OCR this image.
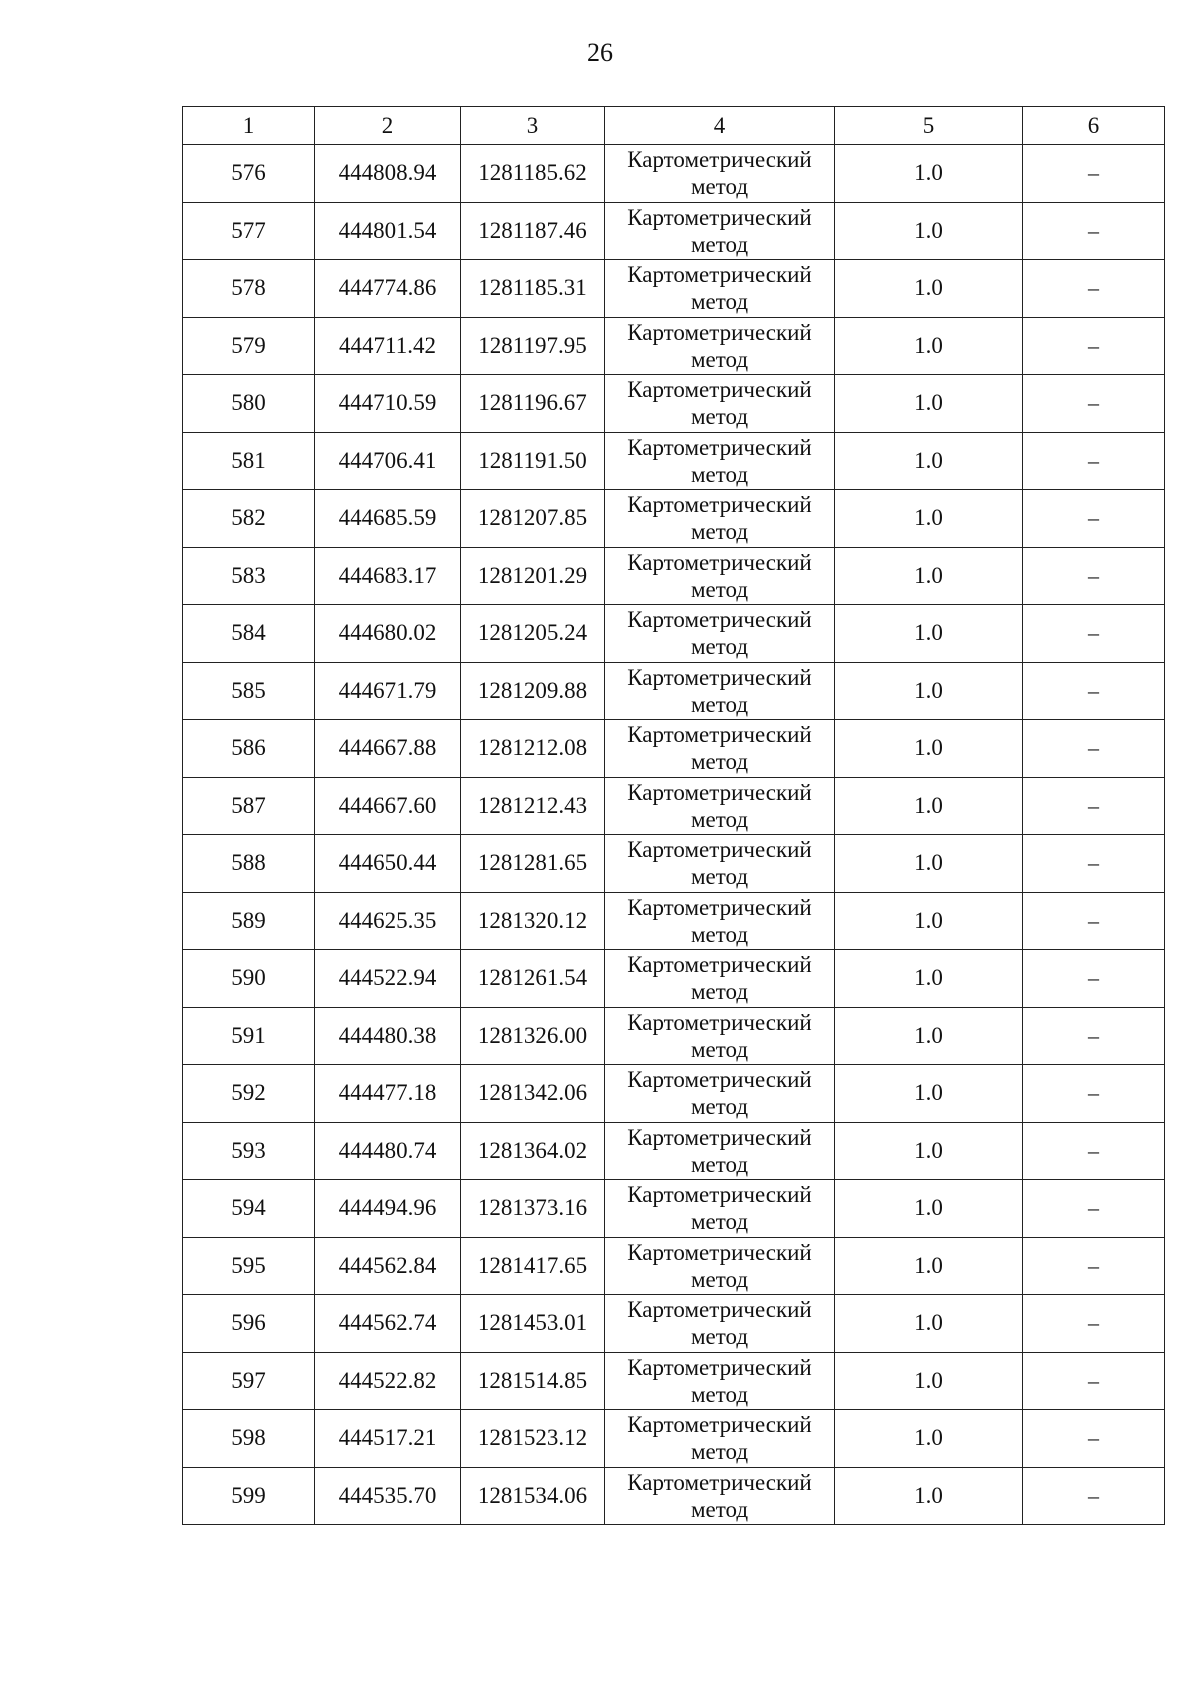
26
1	2	3	4	5	6
576	444808.94	1281185.62	Картометрический метод	1.0	–
577	444801.54	1281187.46	Картометрический метод	1.0	–
578	444774.86	1281185.31	Картометрический метод	1.0	–
579	444711.42	1281197.95	Картометрический метод	1.0	–
580	444710.59	1281196.67	Картометрический метод	1.0	–
581	444706.41	1281191.50	Картометрический метод	1.0	–
582	444685.59	1281207.85	Картометрический метод	1.0	–
583	444683.17	1281201.29	Картометрический метод	1.0	–
584	444680.02	1281205.24	Картометрический метод	1.0	–
585	444671.79	1281209.88	Картометрический метод	1.0	–
586	444667.88	1281212.08	Картометрический метод	1.0	–
587	444667.60	1281212.43	Картометрический метод	1.0	–
588	444650.44	1281281.65	Картометрический метод	1.0	–
589	444625.35	1281320.12	Картометрический метод	1.0	–
590	444522.94	1281261.54	Картометрический метод	1.0	–
591	444480.38	1281326.00	Картометрический метод	1.0	–
592	444477.18	1281342.06	Картометрический метод	1.0	–
593	444480.74	1281364.02	Картометрический метод	1.0	–
594	444494.96	1281373.16	Картометрический метод	1.0	–
595	444562.84	1281417.65	Картометрический метод	1.0	–
596	444562.74	1281453.01	Картометрический метод	1.0	–
597	444522.82	1281514.85	Картометрический метод	1.0	–
598	444517.21	1281523.12	Картометрический метод	1.0	–
599	444535.70	1281534.06	Картометрический метод	1.0	–
